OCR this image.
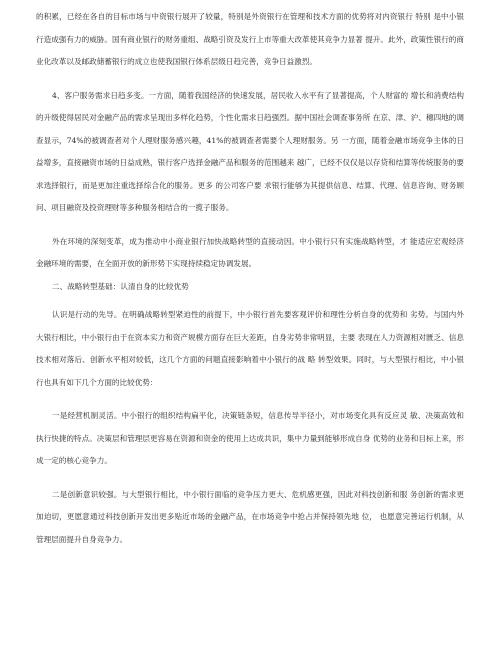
的积累，已经在各自的目标市场与中资银行展开了较量，特别是外资银行在管理和技术方面的优势将对内资银行 特别 是中小银行造成强有力的威胁。国有商业银行的财务重组、战略引资及发行上市等重大改革使其竞争力显著 提升。此外，政策性银行的商业化改革以及邮政储蓄银行的成立也使我国银行体系层级日趋完善，竞争日益激烈。

4、客户服务需求日趋多变。一方面，随着我国经济的快速发展，居民收入水平有了显著提高，个人财富的 增长和消费结构的升级使得居民对金融产品的需求呈现出多样化趋势，个性化需求日趋强烈。据中国社会调查事务所 在京、津、沪、穗四地的调查显示，74%的被调查者对个人理财服务感兴趣，41%的被调查者需要个人理财服务。另 一方面，随着金融市场竞争主体的日益增多，直接融资市场的日益成熟，银行客户选择金融产品和服务的范围越来 越广，已经不仅仅是以存贷和结算等传统服务的要求选择银行，而是更加注重选择综合化的服务。更多 的公司客户要 求银行能够为其提供信息、结算、代理、信息咨询、财务顾问、项目融资及投资理财等多种服务相结合的一揽子服务。

外在环境的深刻变革，成为推动中小商业银行加快战略转型的直接动因。中小银行只有实施战略转型，才 能适应宏观经济金融环境的需要，在全面开放的新形势下实现持续稳定协调发展。

二、战略转型基础：认清自身的比较优势

认识是行动的先导。在明确战略转型紧迫性的前提下，中小银行首先要客观评价和理性分析自身的优势和 劣势。与国内外大银行相比，中小银行由于在资本实力和资产规模方面存在巨大差距，自身劣势非常明显，主要 表现在人力资源相对匮乏、信息技术相对落后、创新水平相对较低，这几个方面的问题直接影响着中小银行的战 略 转型效果。同时，与大型银行相比，中小银行也具有如下几个方面的比较优势：

一是经营机制灵活。中小银行的组织结构扁平化，决策链条短，信息传导半径小，对市场变化具有反应灵 敏、决策高效和执行快捷的特点。决策层和管理层更容易在资源和资金的使用上达成共识，集中力量到能够形成自身 优势的业务和目标上来，形成一定的核心竞争力。

二是创新意识较强。与大型银行相比，中小银行面临的竞争压力更大、危机感更强，因此对科技创新和服 务创新的需求更加迫切，更愿意通过科技创新开发出更多贴近市场的金融产品，在市场竞争中抢占并保持领先地 位， 也愿意完善运行机制，从管理层面提升自身竞争力。
